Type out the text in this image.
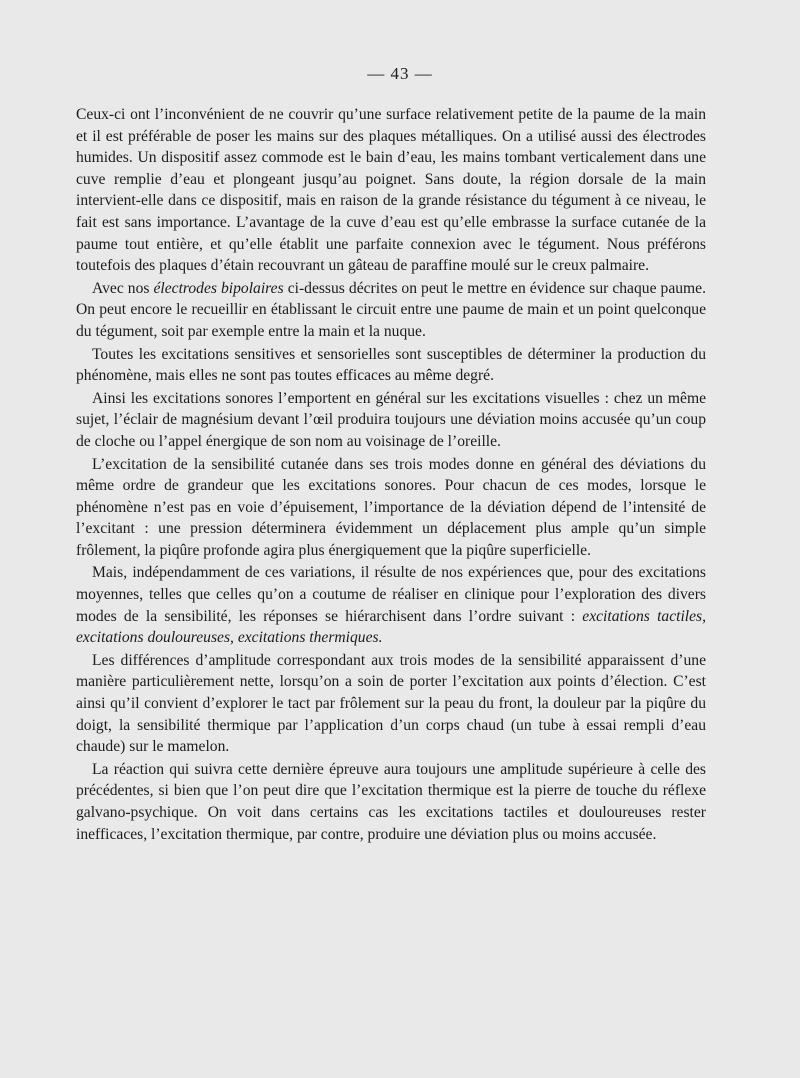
— 43 —

Ceux-ci ont l’inconvénient de ne couvrir qu’une surface relativement petite de la paume de la main et il est préférable de poser les mains sur des plaques métalliques. On a utilisé aussi des électrodes humides. Un dispositif assez commode est le bain d’eau, les mains tombant verticalement dans une cuve remplie d’eau et plongeant jusqu’au poignet. Sans doute, la région dorsale de la main intervient-elle dans ce dispositif, mais en raison de la grande résistance du tégument à ce niveau, le fait est sans importance. L’avantage de la cuve d’eau est qu’elle embrasse la surface cutanée de la paume tout entière, et qu’elle établit une parfaite connexion avec le tégument. Nous préférons toutefois des plaques d’étain recouvrant un gâteau de paraffine moulé sur le creux palmaire.

Avec nos électrodes bipolaires ci-dessus décrites on peut le mettre en évidence sur chaque paume. On peut encore le recueillir en établissant le circuit entre une paume de main et un point quelconque du tégument, soit par exemple entre la main et la nuque.

Toutes les excitations sensitives et sensorielles sont susceptibles de déterminer la production du phénomène, mais elles ne sont pas toutes efficaces au même degré.

Ainsi les excitations sonores l’emportent en général sur les excitations visuelles : chez un même sujet, l’éclair de magnésium devant l’œil produira toujours une déviation moins accusée qu’un coup de cloche ou l’appel énergique de son nom au voisinage de l’oreille.

L’excitation de la sensibilité cutanée dans ses trois modes donne en général des déviations du même ordre de grandeur que les excitations sonores. Pour chacun de ces modes, lorsque le phénomène n’est pas en voie d’épuisement, l’importance de la déviation dépend de l’intensité de l’excitant : une pression déterminera évidemment un déplacement plus ample qu’un simple frôlement, la piqûre profonde agira plus énergiquement que la piqûre superficielle.

Mais, indépendamment de ces variations, il résulte de nos expériences que, pour des excitations moyennes, telles que celles qu’on a coutume de réaliser en clinique pour l’exploration des divers modes de la sensibilité, les réponses se hiérarchisent dans l’ordre suivant : excitations tactiles, excitations douloureuses, excitations thermiques.

Les différences d’amplitude correspondant aux trois modes de la sensibilité apparaissent d’une manière particulièrement nette, lorsqu’on a soin de porter l’excitation aux points d’élection. C’est ainsi qu’il convient d’explorer le tact par frôlement sur la peau du front, la douleur par la piqûre du doigt, la sensibilité thermique par l’application d’un corps chaud (un tube à essai rempli d’eau chaude) sur le mamelon.

La réaction qui suivra cette dernière épreuve aura toujours une amplitude supérieure à celle des précédentes, si bien que l’on peut dire que l’excitation thermique est la pierre de touche du réflexe galvano-psychique. On voit dans certains cas les excitations tactiles et douloureuses rester inefficaces, l’excitation thermique, par contre, produire une déviation plus ou moins accusée.
